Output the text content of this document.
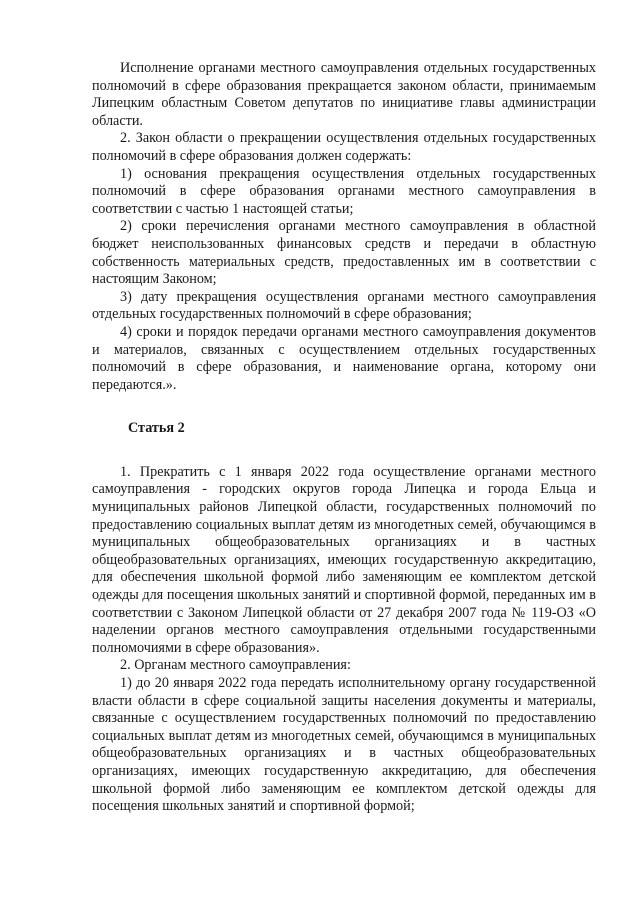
Исполнение органами местного самоуправления отдельных государственных полномочий в сфере образования прекращается законом области, принимаемым Липецким областным Советом депутатов по инициативе главы администрации области.

2. Закон области о прекращении осуществления отдельных государственных полномочий в сфере образования должен содержать:

1) основания прекращения осуществления отдельных государственных полномочий в сфере образования органами местного самоуправления в соответствии с частью 1 настоящей статьи;

2) сроки перечисления органами местного самоуправления в областной бюджет неиспользованных финансовых средств и передачи в областную собственность материальных средств, предоставленных им в соответствии с настоящим Законом;

3) дату прекращения осуществления органами местного самоуправления отдельных государственных полномочий в сфере образования;

4) сроки и порядок передачи органами местного самоуправления документов и материалов, связанных с осуществлением отдельных государственных полномочий в сфере образования, и наименование органа, которому они передаются.».

Статья 2

1. Прекратить с 1 января 2022 года осуществление органами местного самоуправления - городских округов города Липецка и города Ельца и муниципальных районов Липецкой области, государственных полномочий по предоставлению социальных выплат детям из многодетных семей, обучающимся в муниципальных общеобразовательных организациях и в частных общеобразовательных организациях, имеющих государственную аккредитацию, для обеспечения школьной формой либо заменяющим ее комплектом детской одежды для посещения школьных занятий и спортивной формой, переданных им в соответствии с Законом Липецкой области от 27 декабря 2007 года № 119-ОЗ «О наделении органов местного самоуправления отдельными государственными полномочиями в сфере образования».

2. Органам местного самоуправления:

1) до 20 января 2022 года передать исполнительному органу государственной власти области в сфере социальной защиты населения документы и материалы, связанные с осуществлением государственных полномочий по предоставлению социальных выплат детям из многодетных семей, обучающимся в муниципальных общеобразовательных организациях и в частных общеобразовательных организациях, имеющих государственную аккредитацию, для обеспечения школьной формой либо заменяющим ее комплектом детской одежды для посещения школьных занятий и спортивной формой;
